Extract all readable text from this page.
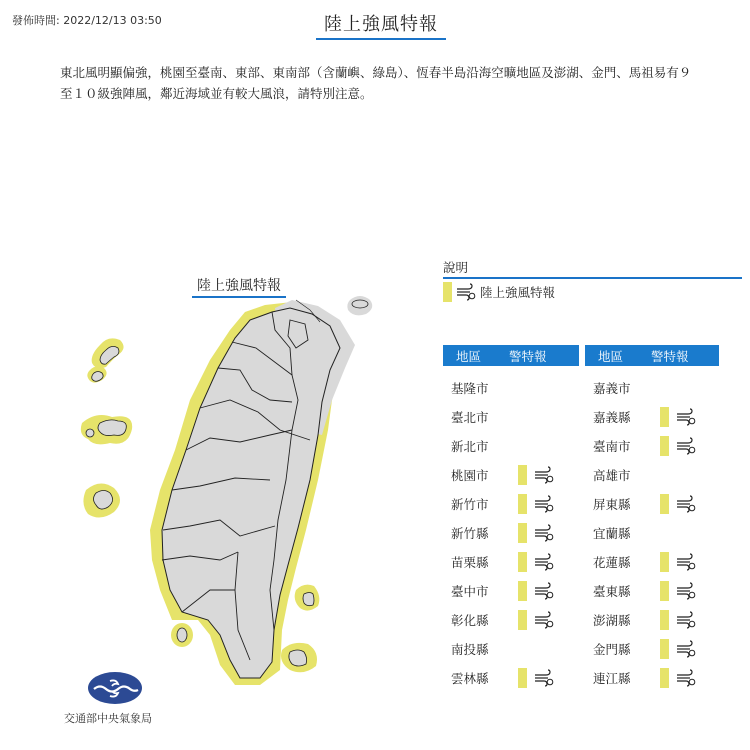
發佈時間: 2022/12/13 03:50	陸上強風特報
東北風明顯偏強，桃園至臺南、東部、東南部（含蘭嶼、綠島）、恆春半島沿海空曠地區及澎湖、金門、馬祖易有９至１０級強陣風，鄰近海域並有較大風浪，請特別注意。
陸上強風特報
交通部中央氣象局
說明
陸上強風特報
地區	警特報
基隆市
臺北市
新北市
桃園市
新竹市
新竹縣
苗栗縣
臺中市
彰化縣
南投縣
雲林縣
地區	警特報
嘉義市
嘉義縣
臺南市
高雄市
屏東縣
宜蘭縣
花蓮縣
臺東縣
澎湖縣
金門縣
連江縣
